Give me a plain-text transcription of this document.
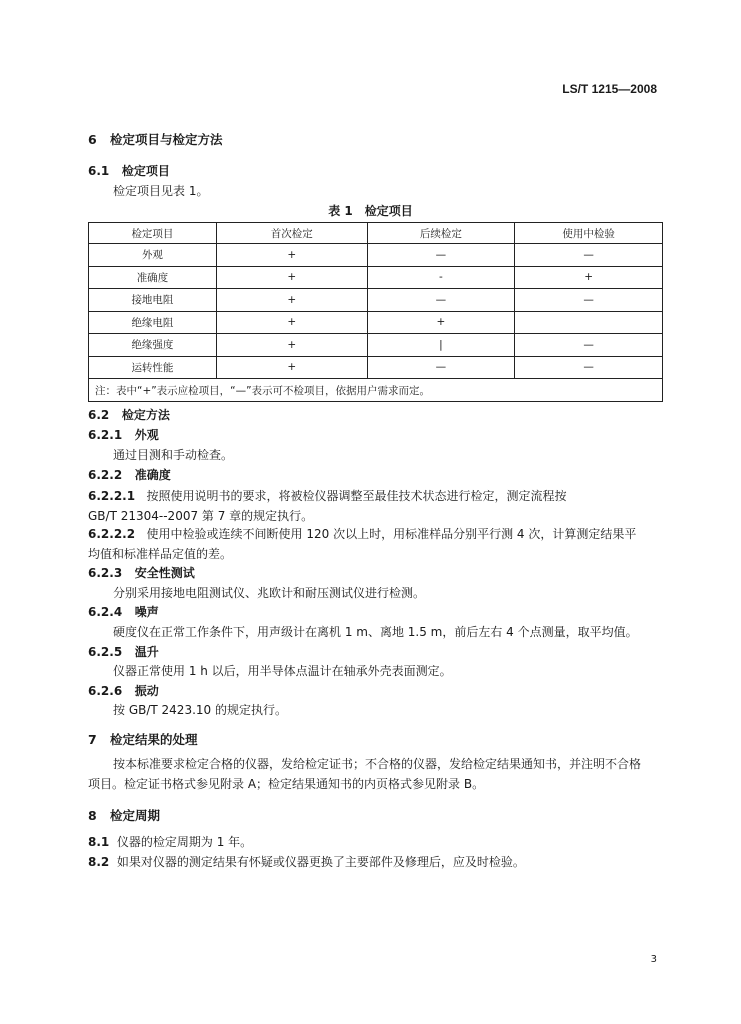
LS/T 1215—2008
6 检定项目与检定方法
6.1 检定项目
检定项目见表 1。
表 1　检定项目
检定项目	首次检定	后续检定	使用中检验
外观	+	—	—
准确度	+	-	+
接地电阻	+	—	—
绝缘电阻	+	+	
绝缘强度	+	|	—
运转性能	+	—	—
注：表中“+”表示应检项目，“—”表示可不检项目，依据用户需求而定。			
6.2 检定方法
6.2.1 外观
通过目测和手动检查。
6.2.2 准确度
6.2.2.1 按照使用说明书的要求，将被检仪器调整至最佳技术状态进行检定，测定流程按
GB/T 21304--2007 第 7 章的规定执行。
6.2.2.2 使用中检验或连续不间断使用 120 次以上时，用标准样品分别平行测 4 次，计算测定结果平
均值和标准样品定值的差。
6.2.3 安全性测试
分别采用接地电阻测试仪、兆欧计和耐压测试仪进行检测。
6.2.4 噪声
硬度仪在正常工作条件下，用声级计在离机 1 m、离地 1.5 m，前后左右 4 个点测量，取平均值。
6.2.5 温升
仪器正常使用 1 h 以后，用半导体点温计在轴承外壳表面测定。
6.2.6 振动
按 GB/T 2423.10 的规定执行。
7 检定结果的处理
按本标准要求检定合格的仪器，发给检定证书；不合格的仪器，发给检定结果通知书，并注明不合格
项目。检定证书格式参见附录 A；检定结果通知书的内页格式参见附录 B。
8 检定周期
8.1 仪器的检定周期为 1 年。
8.2 如果对仪器的测定结果有怀疑或仪器更换了主要部件及修理后，应及时检验。
3
